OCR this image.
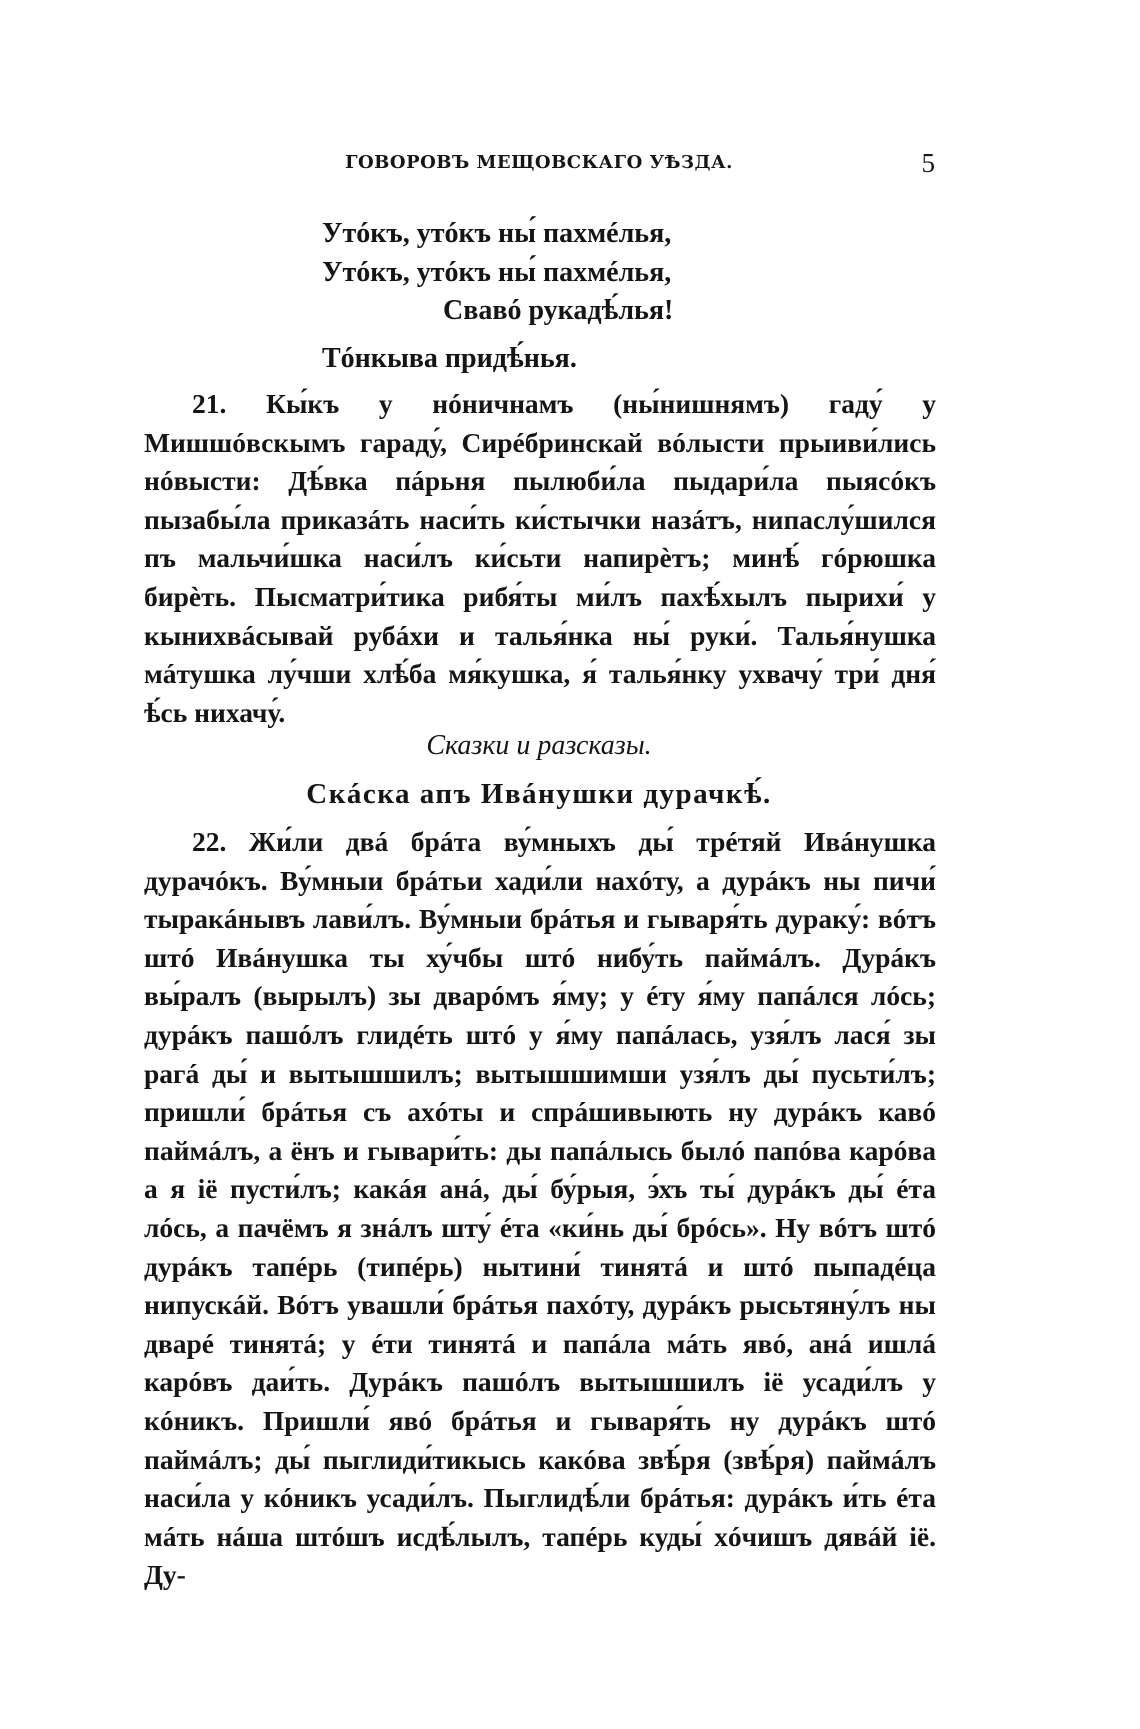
ГОВОРОВЪ МЕЩОВСКАГО УѢЗДА.	5
Утóкъ, утóкъ ны́ пахмéлья,
Утóкъ, утóкъ ны́ пахмéлья,
Свавó рукадѣ́лья!
Тóнкыва придѣ́нья.

21. Кы́къ у нóничнамъ (ны́нишнямъ) гаду́ у Мишшóвскымъ гараду́, Сирéбринскай вóлысти прыиви́лись нóвысти: Дѣ́вка пáрьня пылюби́ла пыдари́ла пыясóкъ пызабы́ла приказáть наси́ть ки́стычки назáтъ, нипаслу́шился пъ мальчи́шка наси́лъ ки́сьти напирѐтъ; минѣ́ гóрюшка бирѐть. Пысматри́тика рибя́ты ми́лъ пахѣ́хылъ пырихи́ у кынихвáсывай рубáхи и талья́нка ны́ руки́. Талья́нушка мáтушка лу́чши хлѣ́ба мя́кушка, я́ талья́нку ухвачу́ три́ дня́ ѣ́сь нихачу́.

Сказки и разсказы.
Скáска апъ Ивáнушки дурачкѣ́.

22. Жи́ли двá брáта ву́мныхъ ды́ трéтяй Ивáнушка дурачóкъ. Ву́мныи брáтьи хади́ли нахóту, а дурáкъ ны пичи́ тыракáнывъ лави́лъ. Ву́мныи брáтья и гывaря́ть дураку́: вóтъ штó Ивáнушка ты ху́чбы штó нибу́ть паймáлъ. Дурáкъ вы́ралъ (вырылъ) зы дварóмъ я́му; у éту я́му папáлся лóсь; дурáкъ пашóлъ глидéть штó у я́му папáлась, узя́лъ лася́ зы рагá ды́ и вытышшилъ; вытышшимши узя́лъ ды́ пусьти́лъ; пришли́ брáтья съ ахóты и спрáшивыють ну дурáкъ кавó паймáлъ, а ёнъ и гывари́ть: ды папáлысь былó папóва карóва а я iё пусти́лъ; какáя анá, ды́ бу́рыя, э́хъ ты́ дурáкъ ды́ éта лóсь, а пачёмъ я знáлъ шту́ éта «ки́нь ды́ брóсь». Ну вóтъ штó дурáкъ тапéрь (типéрь) нытини́ тинятá и штó пыпадéца нипускáй. Вóтъ увашли́ брáтья пахóту, дурáкъ рысьтяну́лъ ны дварé тинятá; у éти тинятá и папáла мáть явó, анá ишлá карóвъ даи́ть. Дурáкъ пашóлъ вытышшилъ iё усади́лъ у кóникъ. Пришли́ явó брáтья и гывaря́ть ну дурáкъ штó паймáлъ; ды́ пыглиди́тикысь какóва звѣ́ря (звѣ́ря) паймáлъ наси́ла у кóникъ усади́лъ. Пыглидѣ́ли брáтья: дурáкъ и́ть éта мáть нáша штóшъ исдѣ́лылъ, тапéрь куды́ хóчишъ дявáй iё. Ду-
